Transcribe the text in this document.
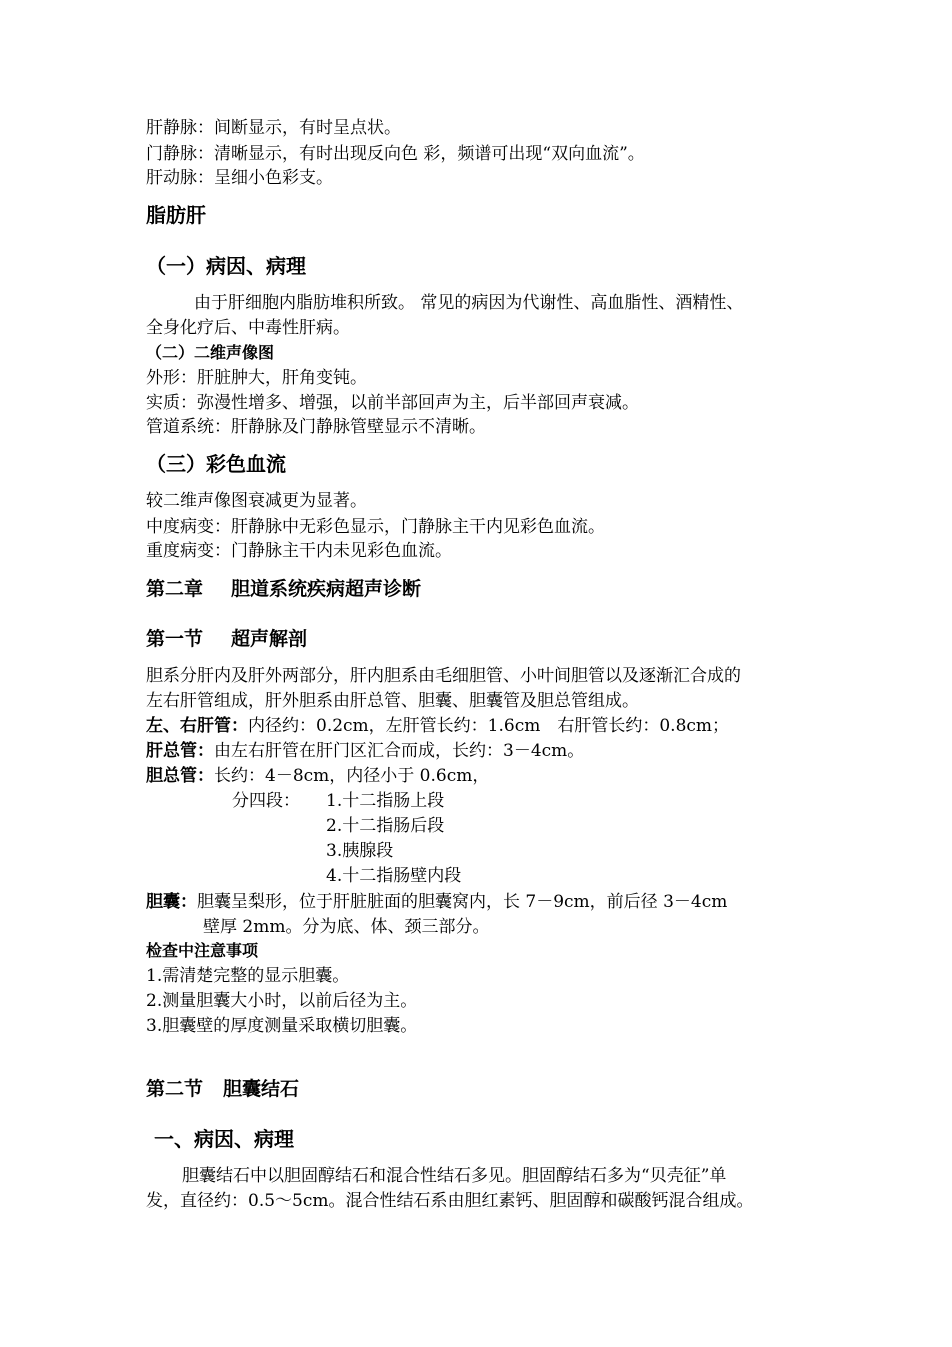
肝静脉：间断显示，有时呈点状。
门静脉：清晰显示，有时出现反向色 彩，频谱可出现“双向血流”。
肝动脉：呈细小色彩支。
脂肪肝
（一）病因、病理
由于肝细胞内脂肪堆积所致。 常见的病因为代谢性、高血脂性、酒精性、
全身化疗后、中毒性肝病。
（二）二维声像图
外形：肝脏肿大，肝角变钝。
实质：弥漫性增多、增强，以前半部回声为主，后半部回声衰减。
管道系统：肝静脉及门静脉管壁显示不清晰。
（三）彩色血流
较二维声像图衰减更为显著。
中度病变：肝静脉中无彩色显示，门静脉主干内见彩色血流。
重度病变：门静脉主干内未见彩色血流。
第二章 胆道系统疾病超声诊断
第一节 超声解剖
胆系分肝内及肝外两部分，肝内胆系由毛细胆管、小叶间胆管以及逐渐汇合成的
左右肝管组成，肝外胆系由肝总管、胆囊、胆囊管及胆总管组成。
左、右肝管：内径约：0.2cm，左肝管长约：1.6cm　右肝管长约：0.8cm；
肝总管：由左右肝管在肝门区汇合而成，长约：3－4cm。
胆总管：长约：4－8cm，内径小于 0.6cm，
分四段： 1.十二指肠上段
2.十二指肠后段
3.胰腺段
4.十二指肠壁内段
胆囊：胆囊呈梨形，位于肝脏脏面的胆囊窝内，长 7－9cm，前后径 3－4cm
壁厚 2mm。分为底、体、颈三部分。
检查中注意事项
1.需清楚完整的显示胆囊。
2.测量胆囊大小时，以前后径为主。
3.胆囊壁的厚度测量采取横切胆囊。
第二节 胆囊结石
一、病因、病理
胆囊结石中以胆固醇结石和混合性结石多见。胆固醇结石多为“贝壳征”单
发，直径约：0.5～5cm。混合性结石系由胆红素钙、胆固醇和碳酸钙混合组成。
